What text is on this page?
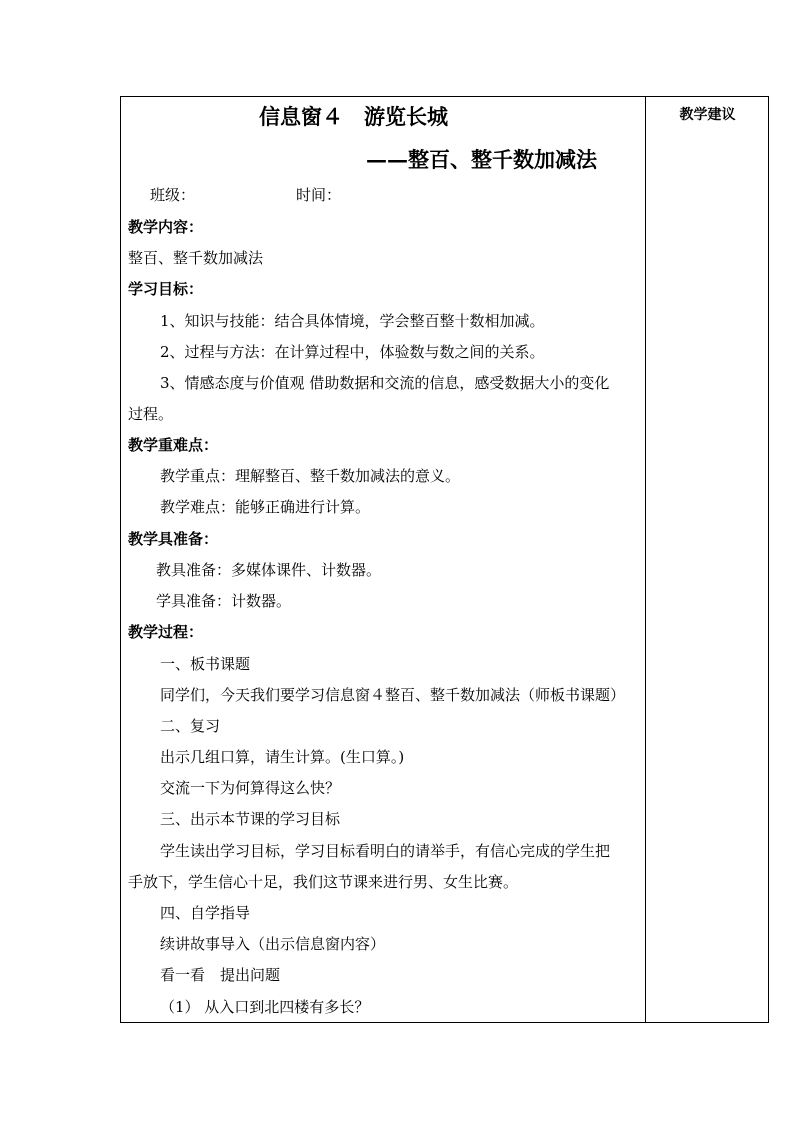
教学建议
信息窗４　游览长城
——整百、整千数加减法
班级：	时间：
教学内容：
整百、整千数加减法
学习目标：
1、知识与技能：结合具体情境，学会整百整十数相加减。
2、过程与方法：在计算过程中，体验数与数之间的关系。
3、情感态度与价值观 借助数据和交流的信息，感受数据大小的变化
过程。
教学重难点：
教学重点：理解整百、整千数加减法的意义。
教学难点：能够正确进行计算。
教学具准备：
教具准备：多媒体课件、计数器。
学具准备：计数器。
教学过程：
一、板书课题
同学们，今天我们要学习信息窗４整百、整千数加减法（师板书课题）
二、复习
出示几组口算，请生计算。(生口算。)
交流一下为何算得这么快？
三、出示本节课的学习目标
学生读出学习目标，学习目标看明白的请举手，有信心完成的学生把
手放下，学生信心十足，我们这节课来进行男、女生比赛。
四、自学指导
续讲故事导入（出示信息窗内容）
看一看　提出问题
（1） 从入口到北四楼有多长？
